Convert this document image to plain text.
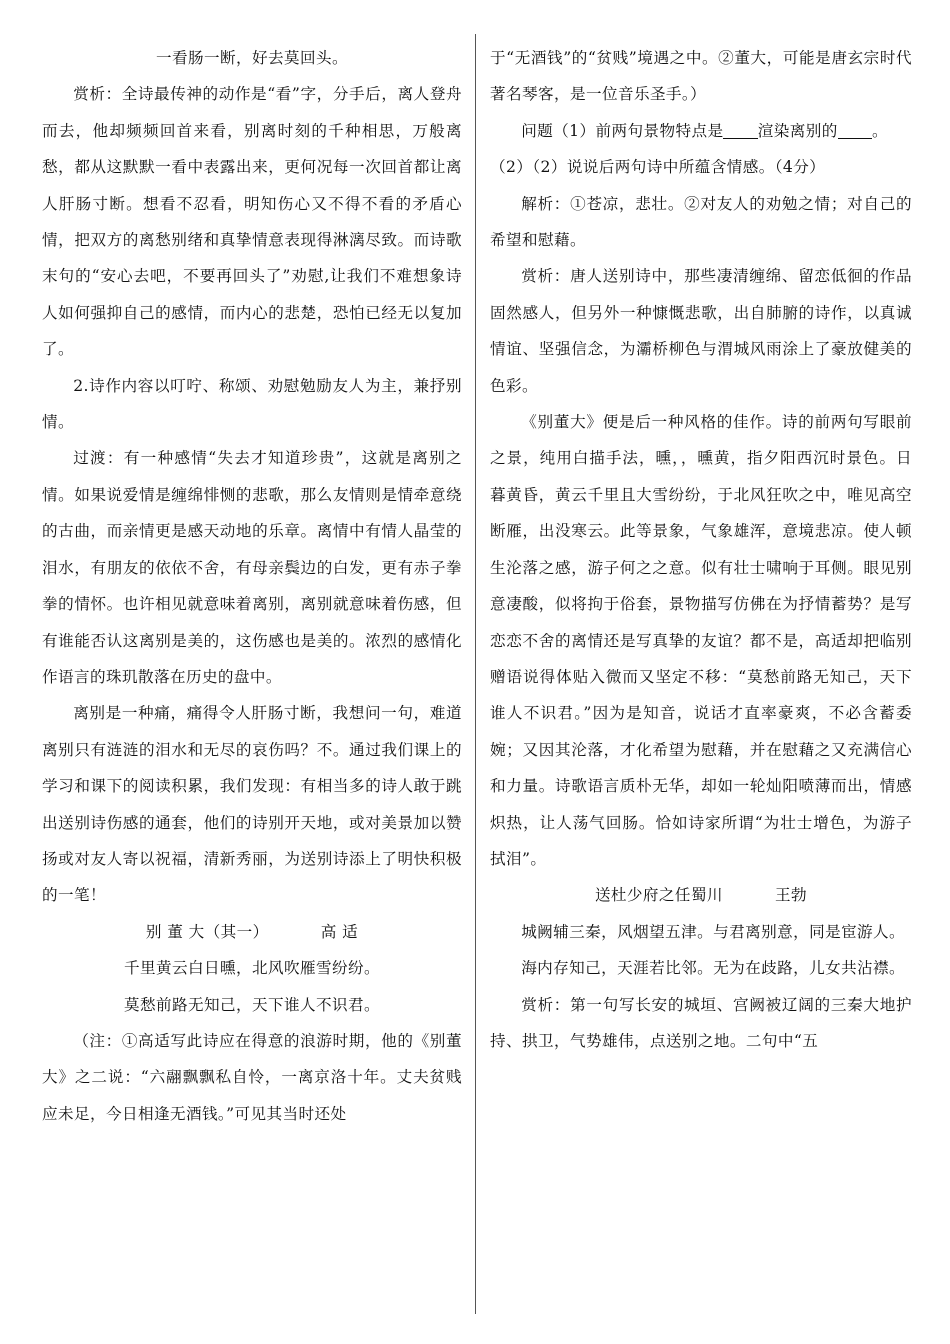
一看肠一断，好去莫回头。

赏析：全诗最传神的动作是“看”字，分手后，离人登舟而去，他却频频回首来看，别离时刻的千种相思，万般离愁，都从这默默一看中表露出来，更何况每一次回首都让离人肝肠寸断。想看不忍看，明知伤心又不得不看的矛盾心情，把双方的离愁别绪和真挚情意表现得淋漓尽致。而诗歌末句的“安心去吧，不要再回头了”劝慰,让我们不难想象诗人如何强抑自己的感情，而内心的悲楚，恐怕已经无以复加了。

2.诗作内容以叮咛、称颂、劝慰勉励友人为主，兼抒别情。

过渡：有一种感情“失去才知道珍贵”，这就是离别之情。如果说爱情是缠绵悱恻的悲歌，那么友情则是情牵意绕的古曲，而亲情更是感天动地的乐章。离情中有情人晶莹的泪水，有朋友的依依不舍，有母亲鬓边的白发，更有赤子拳拳的情怀。也许相见就意味着离别，离别就意味着伤感，但有谁能否认这离别是美的，这伤感也是美的。浓烈的感情化作语言的珠玑散落在历史的盘中。

离别是一种痛，痛得令人肝肠寸断，我想问一句，难道离别只有涟涟的泪水和无尽的哀伤吗？不。通过我们课上的学习和课下的阅读积累，我们发现：有相当多的诗人敢于跳出送别诗伤感的通套，他们的诗别开天地，或对美景加以赞扬或对友人寄以祝福，清新秀丽，为送别诗添上了明快积极的一笔！

别 董 大（其一）	高 适

千里黄云白日曛，北风吹雁雪纷纷。

莫愁前路无知己，天下谁人不识君。

（注：①高适写此诗应在得意的浪游时期，他的《别董大》之二说：“六翮飘飘私自怜，一离京洛十年。丈夫贫贱应未足，今日相逢无酒钱。”可见其当时还处

于“无酒钱”的“贫贱”境遇之中。②董大，可能是唐玄宗时代著名琴客，是一位音乐圣手。）

问题（1）前两句景物特点是 渲染离别的 。

（2）（2）说说后两句诗中所蕴含情感。（4分）

解析：①苍凉，悲壮。②对友人的劝勉之情；对自己的希望和慰藉。

赏析：唐人送别诗中，那些凄清缠绵、留恋低徊的作品固然感人，但另外一种慷慨悲歌，出自肺腑的诗作，以真诚情谊、坚强信念，为灞桥柳色与渭城风雨涂上了豪放健美的色彩。

《别董大》便是后一种风格的佳作。诗的前两句写眼前之景，纯用白描手法，曛，，曛黄，指夕阳西沉时景色。日暮黄昏，黄云千里且大雪纷纷，于北风狂吹之中，唯见高空断雁，出没寒云。此等景象，气象雄浑，意境悲凉。使人顿生沦落之感，游子何之之意。似有壮士啸响于耳侧。眼见别意凄酸，似将拘于俗套，景物描写仿佛在为抒情蓄势？是写恋恋不舍的离情还是写真挚的友谊？都不是，高适却把临别赠语说得体贴入微而又坚定不移：“莫愁前路无知己，天下谁人不识君。”因为是知音，说话才直率豪爽，不必含蓄委婉；又因其沦落，才化希望为慰藉，并在慰藉之又充满信心和力量。诗歌语言质朴无华，却如一轮灿阳喷薄而出，情感炽热，让人荡气回肠。恰如诗家所谓“为壮士增色，为游子拭泪”。

送杜少府之任蜀川	王勃

城阙辅三秦，风烟望五津。与君离别意，同是宦游人。

海内存知己，天涯若比邻。无为在歧路，儿女共沾襟。

赏析：第一句写长安的城垣、宫阙被辽阔的三秦大地护持、拱卫，气势雄伟，点送别之地。二句中“五
